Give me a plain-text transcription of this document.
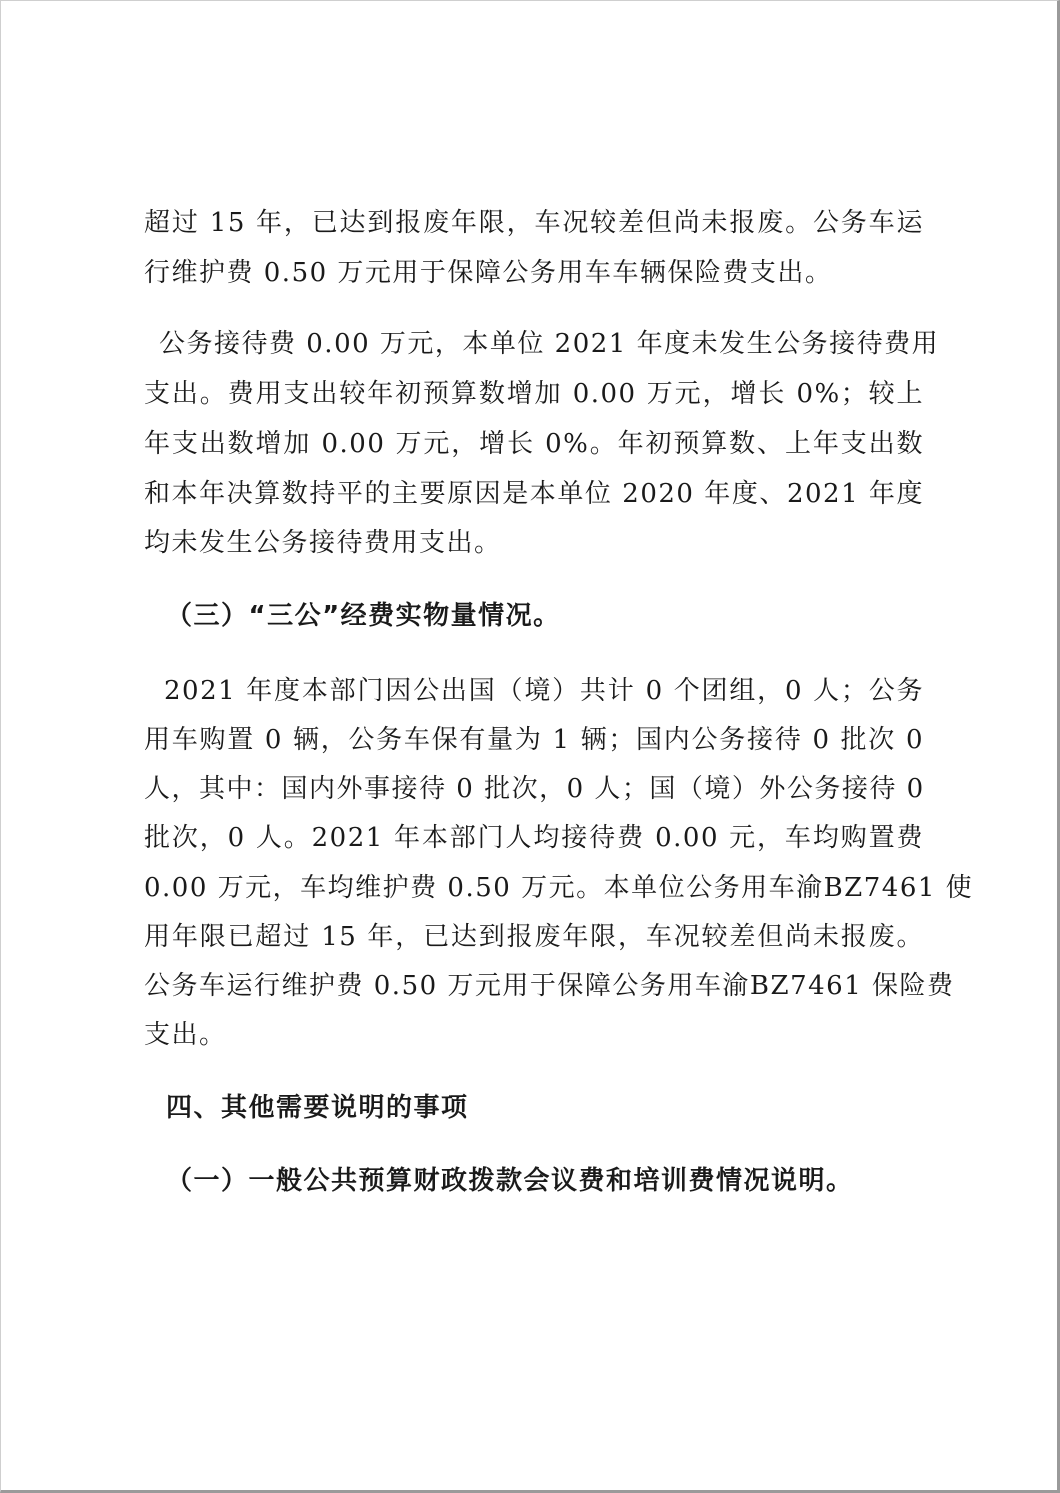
超过 15 年，已达到报废年限，车况较差但尚未报废。公务车运

行维护费 0.50 万元用于保障公务用车车辆保险费支出。

公务接待费 0.00 万元，本单位 2021 年度未发生公务接待费用

支出。费用支出较年初预算数增加 0.00 万元，增长 0%；较上

年支出数增加 0.00 万元，增长 0%。年初预算数、上年支出数

和本年决算数持平的主要原因是本单位 2020 年度、2021 年度

均未发生公务接待费用支出。

（三）“三公”经费实物量情况。

2021 年度本部门因公出国（境）共计 0 个团组，0 人；公务

用车购置 0 辆，公务车保有量为 1 辆；国内公务接待 0 批次 0

人，其中：国内外事接待 0 批次，0 人；国（境）外公务接待 0

批次，0 人。2021 年本部门人均接待费 0.00 元，车均购置费

0.00 万元，车均维护费 0.50 万元。本单位公务用车渝BZ7461 使

用年限已超过 15 年，已达到报废年限，车况较差但尚未报废。

公务车运行维护费 0.50 万元用于保障公务用车渝BZ7461 保险费

支出。

四、其他需要说明的事项

（一）一般公共预算财政拨款会议费和培训费情况说明。
